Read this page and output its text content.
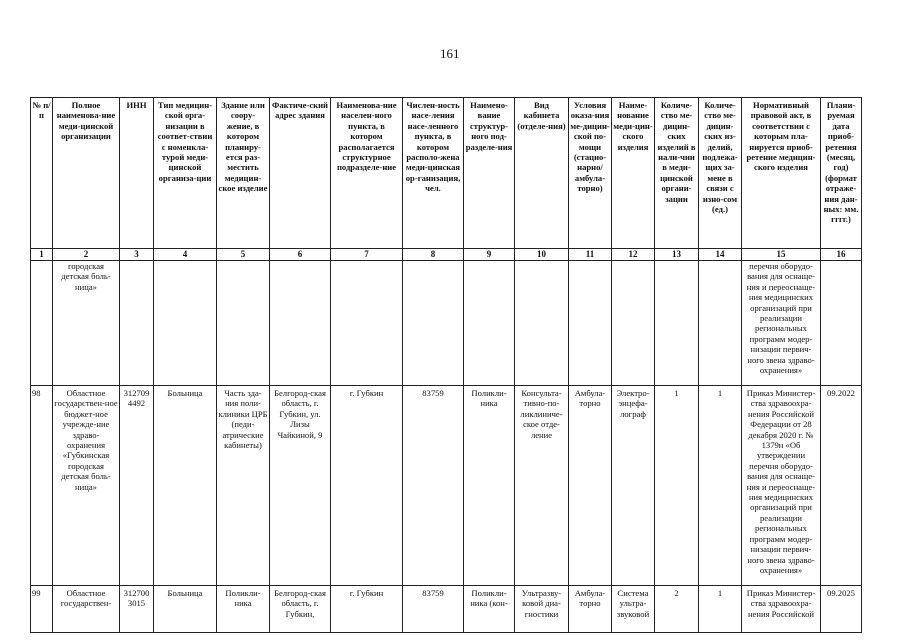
161
№ п/п	Полное наименова-ние меди-цинской организации	ИНН	Тип медицин-ской орга-низации в соответ-ствии с номенкла-турой меди-цинской организа-ции	Здание или соору-жение, в котором планиру-ется раз-местить медицин-ское изделие	Фактиче-ский адрес здания	Наименова-ние населен-ного пункта, в котором располагается структурное подразделе-ние	Числен-ность насе-ления насе-ленного пункта, в котором располо-жена меди-цинская ор-ганизация, чел.	Наимено-вание структур-ного под-разделе-ния	Вид кабинета (отделе-ния)	Условия оказа-ния ме-дицин-ской по-мощи (стацио-нарно/ амбула-торно)	Наиме-нование меди-цин-ского изделия	Количе-ство ме-дицин-ских изделий в нали-чии в меди-цинской органи-зации	Количе-ство ме-дицин-ских из-делий, подлежа-щих за-мене в связи с изно-сом (ед.)	Нормативный правовой акт, в соответствии с которым пла-нируется приоб-ретение медицин-ского изделия	Плани-руемая дата приоб-ретения (месяц, год) (формат отраже-ния дан-ных: мм. гггг.)
1	2	3	4	5	6	7	8	9	10	11	12	13	14	15	16
	городская детская боль-ница»													перечня оборудо-вания для оснаще-ния и переоснаще-ния медицинских организаций при реализации региональных программ модер-низации первич-ного звена здраво-охранения»	
98	Областное государствен-ное бюджет-ное учрежде-ние здраво-охранения «Губкинская городская детская боль-ница»	312709 4492	Больница	Часть зда-ния поли-клиники ЦРБ (педи-атрические кабинеты)	Белгород-ская область, г. Губкин, ул. Лизы Чайкиной, 9	г. Губкин	83759	Поликли-ника	Консульта-тивно-по-ликлиниче-ское отде-ление	Амбула-торно	Электро-энцефа-лограф	1	1	Приказ Министер-ства здравоохра-нения Российской Федерации от 28 декабря 2020 г. № 1379н «Об утверждении перечня оборудо-вания для оснаще-ния и переоснаще-ния медицинских организаций при реализации региональных программ модер-низации первич-ного звена здраво-охранения»	09.2022
99	Областное государствен-	312700 3015	Больница	Поликли-ника	Белгород-ская область, г. Губкин,	г. Губкин	83759	Поликли-ника (кон-	Ультразву-ковой диа-гностики	Амбула-торно	Система ультра-звуковой	2	1	Приказ Министер-ства здравоохра-нения Российской	09.2025
